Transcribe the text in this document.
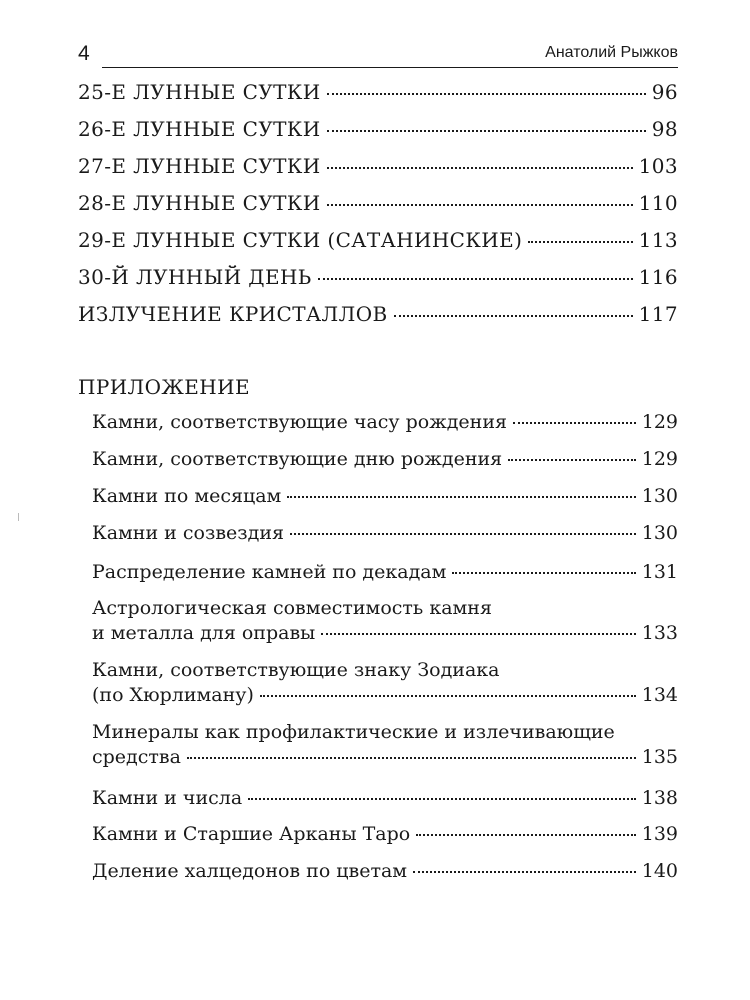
4	Анатолий Рыжков
25-Е ЛУННЫЕ СУТКИ	96
26-Е ЛУННЫЕ СУТКИ	98
27-Е ЛУННЫЕ СУТКИ	103
28-Е ЛУННЫЕ СУТКИ	110
29-Е ЛУННЫЕ СУТКИ (САТАНИНСКИЕ)	113
30-Й ЛУННЫЙ ДЕНЬ	116
ИЗЛУЧЕНИЕ КРИСТАЛЛОВ	117
ПРИЛОЖЕНИЕ
Камни, соответствующие часу рождения	129
Камни, соответствующие дню рождения	129
Камни по месяцам	130
Камни и созвездия	130
Распределение камней по декадам	131
Астрологическая совместимость камня
и металла для оправы	133
Камни, соответствующие знаку Зодиака
(по Хюрлиману)	134
Минералы как профилактические и излечивающие
средства	135
Камни и числа	138
Камни и Старшие Арканы Таро	139
Деление халцедонов по цветам	140
